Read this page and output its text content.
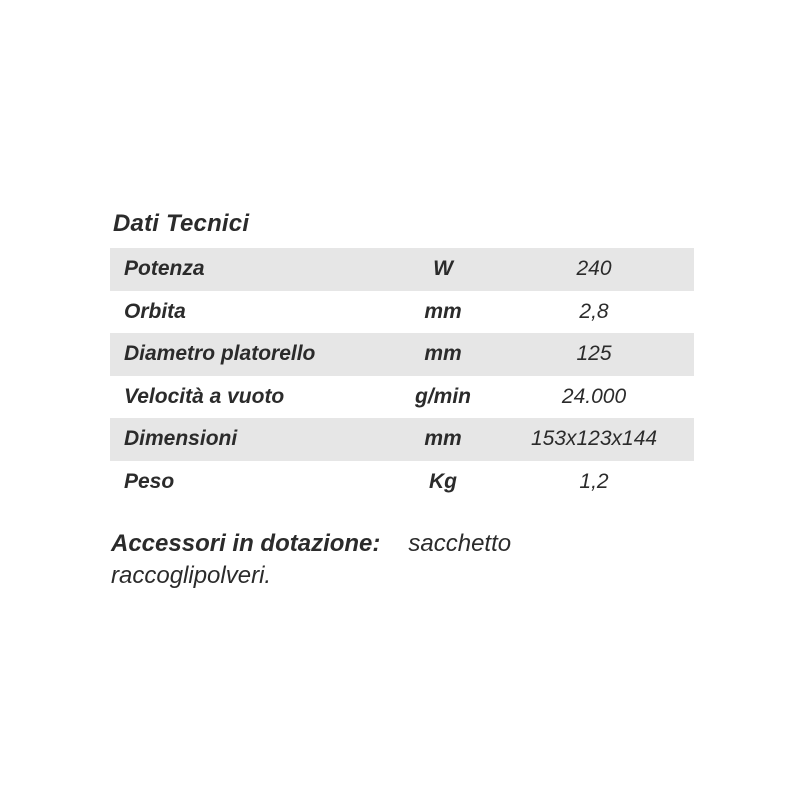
Dati Tecnici
Potenza	W	240
Orbita	mm	2,8
Diametro platorello	mm	125
Velocità a vuoto	g/min	24.000
Dimensioni	mm	153x123x144
Peso	Kg	1,2
Accessori in dotazione: sacchetto raccoglipolveri.
